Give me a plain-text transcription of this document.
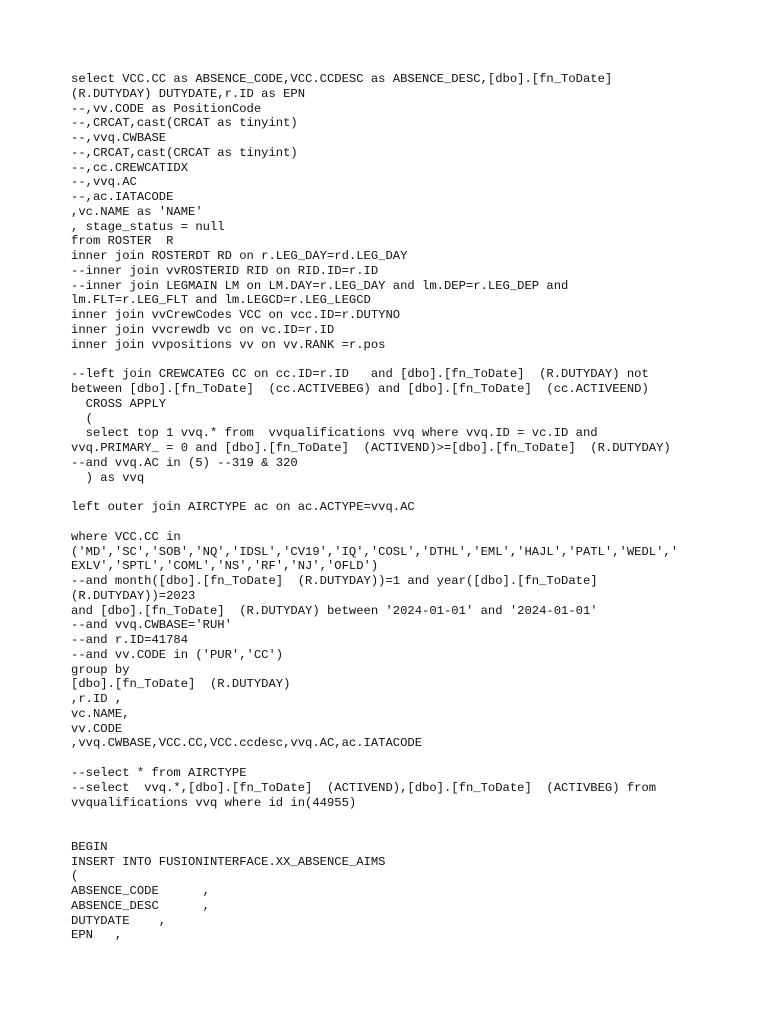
select VCC.CC as ABSENCE_CODE,VCC.CCDESC as ABSENCE_DESC,[dbo].[fn_ToDate]
(R.DUTYDAY) DUTYDATE,r.ID as EPN
--,vv.CODE as PositionCode
--,CRCAT,cast(CRCAT as tinyint)
--,vvq.CWBASE
--,CRCAT,cast(CRCAT as tinyint)
--,cc.CREWCATIDX
--,vvq.AC
--,ac.IATACODE
,vc.NAME as 'NAME'
, stage_status = null
from ROSTER  R
inner join ROSTERDT RD on r.LEG_DAY=rd.LEG_DAY
--inner join vvROSTERID RID on RID.ID=r.ID
--inner join LEGMAIN LM on LM.DAY=r.LEG_DAY and lm.DEP=r.LEG_DEP and
lm.FLT=r.LEG_FLT and lm.LEGCD=r.LEG_LEGCD
inner join vvCrewCodes VCC on vcc.ID=r.DUTYNO
inner join vvcrewdb vc on vc.ID=r.ID
inner join vvpositions vv on vv.RANK =r.pos
--left join CREWCATEG CC on cc.ID=r.ID   and [dbo].[fn_ToDate]  (R.DUTYDAY) not
between [dbo].[fn_ToDate]  (cc.ACTIVEBEG) and [dbo].[fn_ToDate]  (cc.ACTIVEEND)
CROSS APPLY
(
select top 1 vvq.* from  vvqualifications vvq where vvq.ID = vc.ID and
vvq.PRIMARY_ = 0 and [dbo].[fn_ToDate]  (ACTIVEND)>=[dbo].[fn_ToDate]  (R.DUTYDAY)
--and vvq.AC in (5) --319 & 320
) as vvq
left outer join AIRCTYPE ac on ac.ACTYPE=vvq.AC
where VCC.CC in
('MD','SC','SOB','NQ','IDSL','CV19','IQ','COSL','DTHL','EML','HAJL','PATL','WEDL','
EXLV','SPTL','COML','NS','RF','NJ','OFLD')
--and month([dbo].[fn_ToDate]  (R.DUTYDAY))=1 and year([dbo].[fn_ToDate]
(R.DUTYDAY))=2023
and [dbo].[fn_ToDate]  (R.DUTYDAY) between '2024-01-01' and '2024-01-01'
--and vvq.CWBASE='RUH'
--and r.ID=41784
--and vv.CODE in ('PUR','CC')
group by
[dbo].[fn_ToDate]  (R.DUTYDAY)
,r.ID ,
vc.NAME,
vv.CODE
,vvq.CWBASE,VCC.CC,VCC.ccdesc,vvq.AC,ac.IATACODE
--select * from AIRCTYPE
--select  vvq.*,[dbo].[fn_ToDate]  (ACTIVEND),[dbo].[fn_ToDate]  (ACTIVBEG) from
vvqualifications vvq where id in(44955)
BEGIN
INSERT INTO FUSIONINTERFACE.XX_ABSENCE_AIMS
(
ABSENCE_CODE      ,
ABSENCE_DESC      ,
DUTYDATE    ,
EPN   ,
